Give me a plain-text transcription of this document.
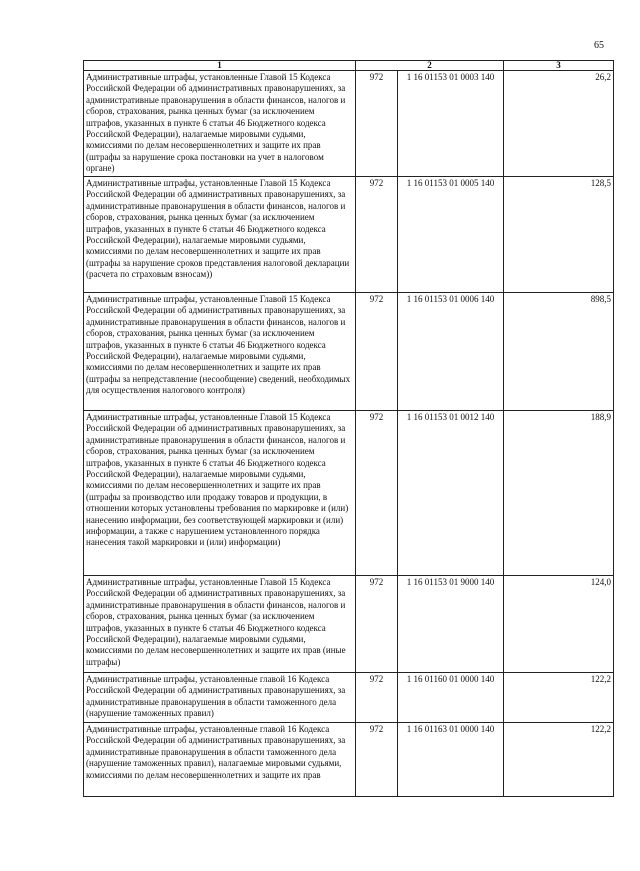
65
1	2		3
Административные штрафы, установленные Главой 15 Кодекса Российской Федерации об административных правонарушениях, за административные правонарушения в области финансов, налогов и сборов, страхования, рынка ценных бумаг (за исключением штрафов, указанных в пункте 6 статьи 46 Бюджетного кодекса Российской Федерации), налагаемые мировыми судьями, комиссиями по делам несовершеннолетних и защите их прав (штрафы за нарушение срока постановки на учет в налоговом органе)	972	1 16 01153 01 0003 140	26,2
Административные штрафы, установленные Главой 15 Кодекса Российской Федерации об административных правонарушениях, за административные правонарушения в области финансов, налогов и сборов, страхования, рынка ценных бумаг (за исключением штрафов, указанных в пункте 6 статьи 46 Бюджетного кодекса Российской Федерации), налагаемые мировыми судьями, комиссиями по делам несовершеннолетних и защите их прав (штрафы за нарушение сроков представления налоговой декларации (расчета по страховым взносам))	972	1 16 01153 01 0005 140	128,5
Административные штрафы, установленные Главой 15 Кодекса Российской Федерации об административных правонарушениях, за административные правонарушения в области финансов, налогов и сборов, страхования, рынка ценных бумаг (за исключением штрафов, указанных в пункте 6 статьи 46 Бюджетного кодекса Российской Федерации), налагаемые мировыми судьями, комиссиями по делам несовершеннолетних и защите их прав (штрафы за непредставление (несообщение) сведений, необходимых для осуществления налогового контроля)	972	1 16 01153 01 0006 140	898,5
Административные штрафы, установленные Главой 15 Кодекса Российской Федерации об административных правонарушениях, за административные правонарушения в области финансов, налогов и сборов, страхования, рынка ценных бумаг (за исключением штрафов, указанных в пункте 6 статьи 46 Бюджетного кодекса Российской Федерации), налагаемые мировыми судьями, комиссиями по делам несовершеннолетних и защите их прав (штрафы за производство или продажу товаров и продукции, в отношении которых установлены требования по маркировке и (или) нанесению информации, без соответствующей маркировки и (или) информации, а также с нарушением установленного порядка нанесения такой маркировки и (или) информации)	972	1 16 01153 01 0012 140	188,9
Административные штрафы, установленные Главой 15 Кодекса Российской Федерации об административных правонарушениях, за административные правонарушения в области финансов, налогов и сборов, страхования, рынка ценных бумаг (за исключением штрафов, указанных в пункте 6 статьи 46 Бюджетного кодекса Российской Федерации), налагаемые мировыми судьями, комиссиями по делам несовершеннолетних и защите их прав (иные штрафы)	972	1 16 01153 01 9000 140	124,0
Административные штрафы, установленные главой 16 Кодекса Российской Федерации об административных правонарушениях, за административные правонарушения в области таможенного дела (нарушение таможенных правил)	972	1 16 01160 01 0000 140	122,2
Административные штрафы, установленные главой 16 Кодекса Российской Федерации об административных правонарушениях, за административные правонарушения в области таможенного дела (нарушение таможенных правил), налагаемые мировыми судьями, комиссиями по делам несовершеннолетних и защите их прав	972	1 16 01163 01 0000 140	122,2
